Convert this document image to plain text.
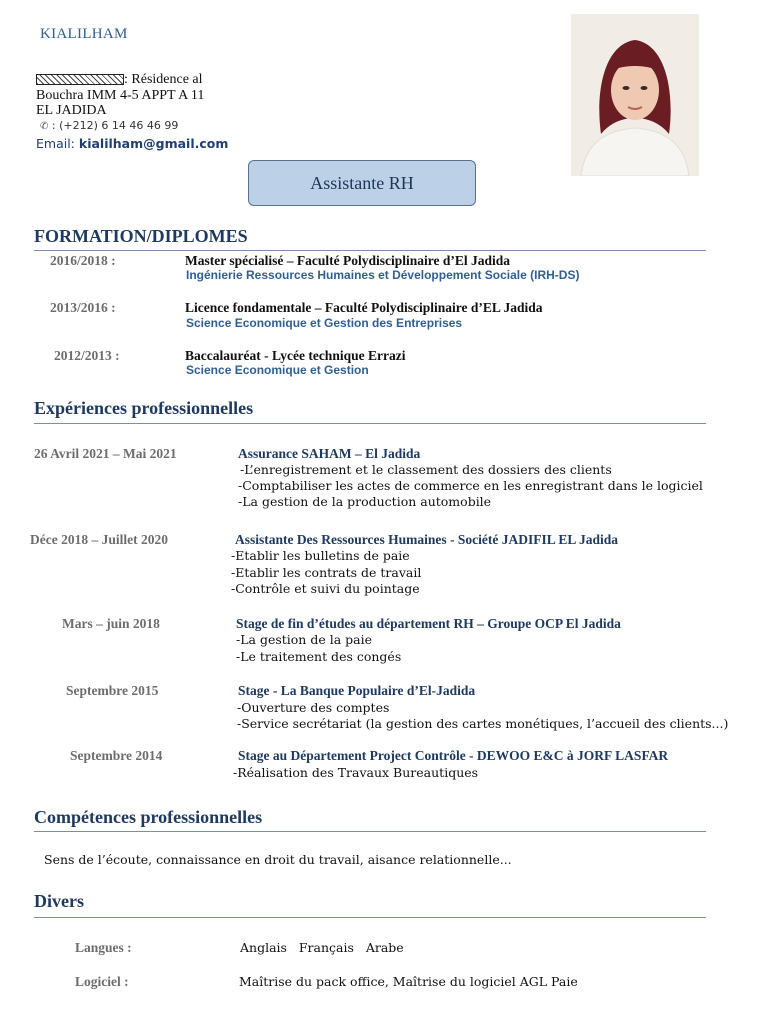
KIALILHAM
: Résidence al
Bouchra IMM 4-5 APPT A 11
EL JADIDA
✆ : (+212) 6 14 46 46 99
Email: kialilham@gmail.com
Assistante RH
FORMATION/DIPLOMES
2016/2018 :	Master spécialisé – Faculté Polydisciplinaire d’El Jadida
Ingénierie Ressources Humaines et Développement Sociale (IRH-DS)
2013/2016 :	Licence fondamentale – Faculté Polydisciplinaire d’EL Jadida
Science Economique et Gestion des Entreprises
2012/2013 :	Baccalauréat - Lycée technique Errazi
Science Economique et Gestion
Expériences professionnelles
26 Avril 2021 – Mai 2021	Assurance SAHAM – El Jadida
-L’enregistrement et le classement des dossiers des clients
-Comptabiliser les actes de commerce en les enregistrant dans le logiciel
-La gestion de la production automobile
Déce 2018 – Juillet 2020	Assistante Des Ressources Humaines - Société JADIFIL EL Jadida
-Etablir les bulletins de paie
-Etablir les contrats de travail
-Contrôle et suivi du pointage
Mars – juin 2018	Stage de fin d’études au département RH – Groupe OCP El Jadida
-La gestion de la paie
-Le traitement des congés
Septembre 2015	Stage - La Banque Populaire d’El-Jadida
-Ouverture des comptes
-Service secrétariat (la gestion des cartes monétiques, l’accueil des clients...)
Septembre 2014	Stage au Département Project Contrôle - DEWOO E&C à JORF LASFAR
-Réalisation des Travaux Bureautiques
Compétences professionnelles
Sens de l’écoute, connaissance en droit du travail, aisance relationnelle...
Divers
Langues :	Anglais Français Arabe
Logiciel :	Maîtrise du pack office, Maîtrise du logiciel AGL Paie
